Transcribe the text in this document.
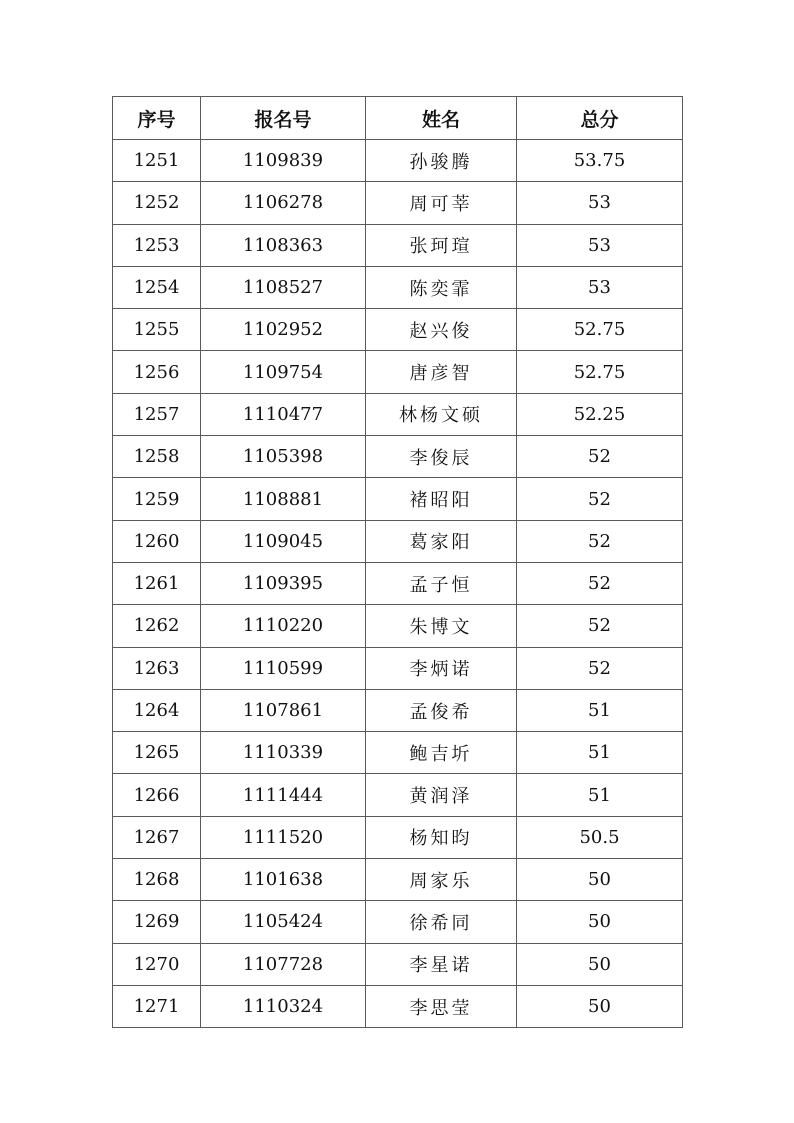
序号	报名号	姓名	总分
1251	1109839	孙骏腾	53.75
1252	1106278	周可莘	53
1253	1108363	张珂瑄	53
1254	1108527	陈奕霏	53
1255	1102952	赵兴俊	52.75
1256	1109754	唐彦智	52.75
1257	1110477	林杨文硕	52.25
1258	1105398	李俊辰	52
1259	1108881	褚昭阳	52
1260	1109045	葛家阳	52
1261	1109395	孟子恒	52
1262	1110220	朱博文	52
1263	1110599	李炳诺	52
1264	1107861	孟俊希	51
1265	1110339	鲍吉圻	51
1266	1111444	黄润泽	51
1267	1111520	杨知昀	50.5
1268	1101638	周家乐	50
1269	1105424	徐希同	50
1270	1107728	李星诺	50
1271	1110324	李思莹	50
